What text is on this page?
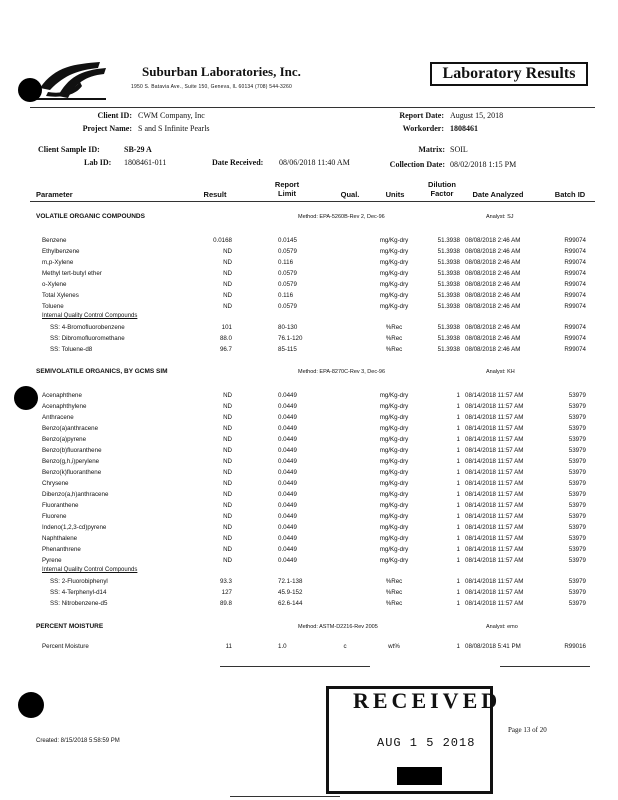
Suburban Laboratories, Inc.
1950 S. Batavia Ave., Suite 150, Geneva, IL 60134 (708) 544-3260
Laboratory Results
Client ID: CWM Company, Inc
Project Name: S and S Infinite Pearls
Report Date: August 15, 2018
Workorder: 1808461
Client Sample ID:	SB-29 A
Lab ID: 1808461-011	Date Received: 08/06/2018 11:40 AM
Matrix: SOIL
Collection Date: 08/02/2018 1:15 PM
Parameter	Result
Report
Limit	Qual.	Units
Dilution
Factor	Date Analyzed	Batch ID
VOLATILE ORGANIC COMPOUNDS	Method: EPA-5260B-Rev 2, Dec-96	Analyst: SJ
Benzene	0.0168	0.0145	mg/Kg-dry	51.3938 08/08/2018 2:46 AM	R99074
Ethylbenzene	ND	0.0579	mg/Kg-dry	51.3938 08/08/2018 2:46 AM	R99074
m,p-Xylene	ND	0.116	mg/Kg-dry	51.3938 08/08/2018 2:46 AM	R99074
Methyl tert-butyl ether	ND	0.0579	mg/Kg-dry	51.3938 08/08/2018 2:46 AM	R99074
o-Xylene	ND	0.0579	mg/Kg-dry	51.3938 08/08/2018 2:46 AM	R99074
Total Xylenes	ND	0.116	mg/Kg-dry	51.3938 08/08/2018 2:46 AM	R99074
Toluene	ND	0.0579	mg/Kg-dry	51.3938 08/08/2018 2:46 AM	R99074
Internal Quality Control Compounds
SS: 4-Bromofluorobenzene	101	80-130	%Rec	51.3938 08/08/2018 2:46 AM	R99074
SS: Dibromofluoromethane	88.0	76.1-120	%Rec	51.3938 08/08/2018 2:46 AM	R99074
SS: Toluene-d8	96.7	85-115	%Rec	51.3938 08/08/2018 2:46 AM	R99074
SEMIVOLATILE ORGANICS, BY GCMS SIM	Method: EPA-8270C-Rev 3, Dec-96	Analyst: KH
Acenaphthene	ND	0.0449	mg/Kg-dry	1 08/14/2018 11:57 AM	53979
Acenaphthylene	ND	0.0449	mg/Kg-dry	1 08/14/2018 11:57 AM	53979
Anthracene	ND	0.0449	mg/Kg-dry	1 08/14/2018 11:57 AM	53979
Benzo(a)anthracene	ND	0.0449	mg/Kg-dry	1 08/14/2018 11:57 AM	53979
Benzo(a)pyrene	ND	0.0449	mg/Kg-dry	1 08/14/2018 11:57 AM	53979
Benzo(b)fluoranthene	ND	0.0449	mg/Kg-dry	1 08/14/2018 11:57 AM	53979
Benzo(g,h,i)perylene	ND	0.0449	mg/Kg-dry	1 08/14/2018 11:57 AM	53979
Benzo(k)fluoranthene	ND	0.0449	mg/Kg-dry	1 08/14/2018 11:57 AM	53979
Chrysene	ND	0.0449	mg/Kg-dry	1 08/14/2018 11:57 AM	53979
Dibenzo(a,h)anthracene	ND	0.0449	mg/Kg-dry	1 08/14/2018 11:57 AM	53979
Fluoranthene	ND	0.0449	mg/Kg-dry	1 08/14/2018 11:57 AM	53979
Fluorene	ND	0.0449	mg/Kg-dry	1 08/14/2018 11:57 AM	53979
Indeno(1,2,3-cd)pyrene	ND	0.0449	mg/Kg-dry	1 08/14/2018 11:57 AM	53979
Naphthalene	ND	0.0449	mg/Kg-dry	1 08/14/2018 11:57 AM	53979
Phenanthrene	ND	0.0449	mg/Kg-dry	1 08/14/2018 11:57 AM	53979
Pyrene	ND	0.0449	mg/Kg-dry	1 08/14/2018 11:57 AM	53979
Internal Quality Control Compounds
SS: 2-Fluorobiphenyl	93.3	72.1-138	%Rec	1 08/14/2018 11:57 AM	53979
SS: 4-Terphenyl-d14	127	45.9-152	%Rec	1 08/14/2018 11:57 AM	53979
SS: Nitrobenzene-d5	89.8	62.6-144	%Rec	1 08/14/2018 11:57 AM	53979
PERCENT MOISTURE	Method: ASTM-D2216-Rev 2005	Analyst: emo
Percent Moisture	11	1.0	c	wt%	1 08/08/2018 5:41 PM	R99016
Created: 8/15/2018 5:58:59 PM
Page 13 of 20
RECEIVED
AUG 1 5 2018
